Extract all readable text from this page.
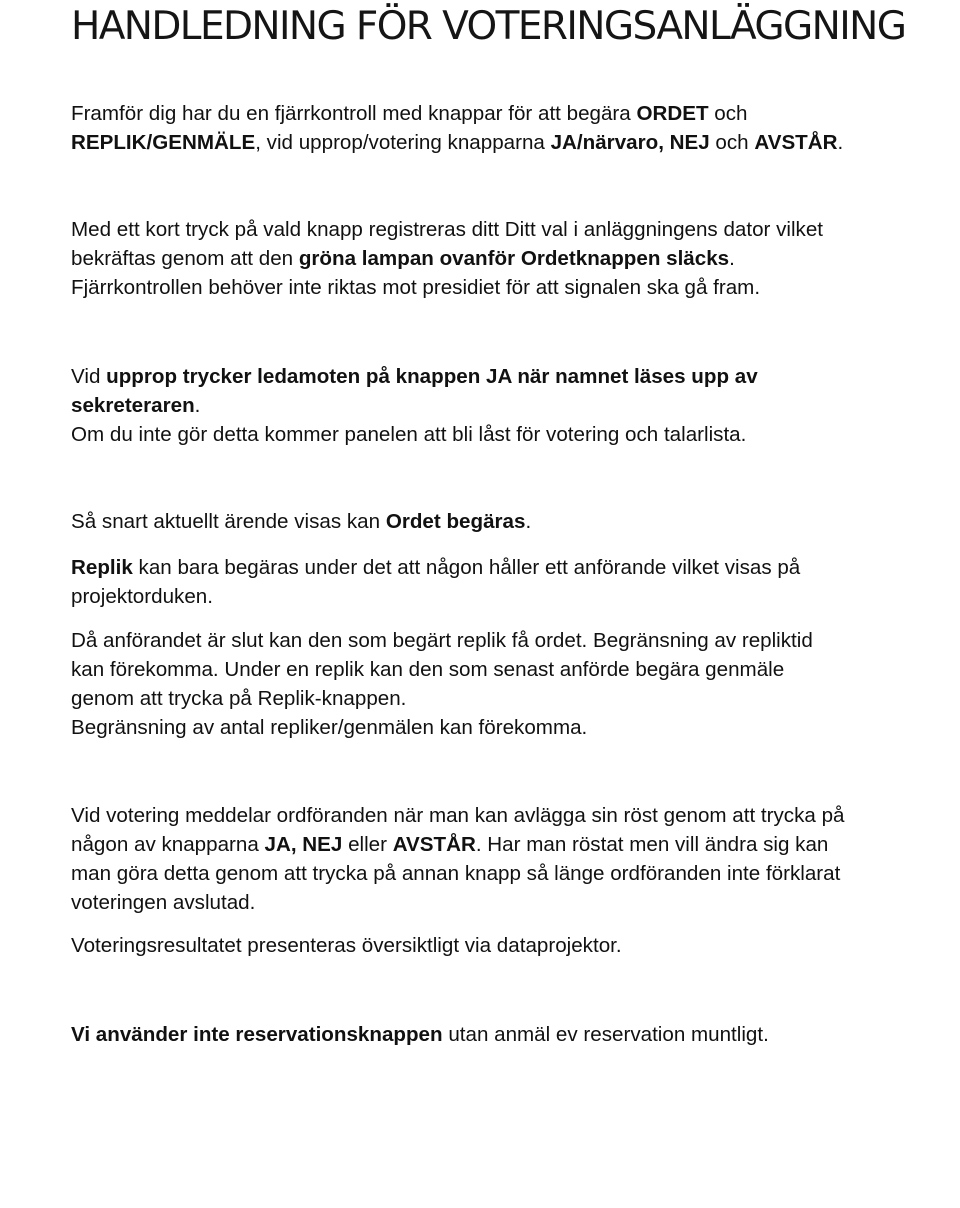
HANDLEDNING FÖR VOTERINGSANLÄGGNING

Framför dig har du en fjärrkontroll med knappar för att begära ORDET och
REPLIK/GENMÄLE, vid upprop/votering knapparna JA/närvaro, NEJ och AVSTÅR.

Med ett kort tryck på vald knapp registreras ditt Ditt val i anläggningens dator vilket
bekräftas genom att den gröna lampan ovanför Ordetknappen släcks.
Fjärrkontrollen behöver inte riktas mot presidiet för att signalen ska gå fram.

Vid upprop trycker ledamoten på knappen JA när namnet läses upp av
sekreteraren.
Om du inte gör detta kommer panelen att bli låst för votering och talarlista.

Så snart aktuellt ärende visas kan Ordet begäras.

Replik kan bara begäras under det att någon håller ett anförande vilket visas på
projektorduken.

Då anförandet är slut kan den som begärt replik få ordet. Begränsning av repliktid
kan förekomma. Under en replik kan den som senast anförde begära genmäle
genom att trycka på Replik-knappen.
Begränsning av antal repliker/genmälen kan förekomma.

Vid votering meddelar ordföranden när man kan avlägga sin röst genom att trycka på
någon av knapparna JA, NEJ eller AVSTÅR. Har man röstat men vill ändra sig kan
man göra detta genom att trycka på annan knapp så länge ordföranden inte förklarat
voteringen avslutad.

Voteringsresultatet presenteras översiktligt via dataprojektor.

Vi använder inte reservationsknappen utan anmäl ev reservation muntligt.
